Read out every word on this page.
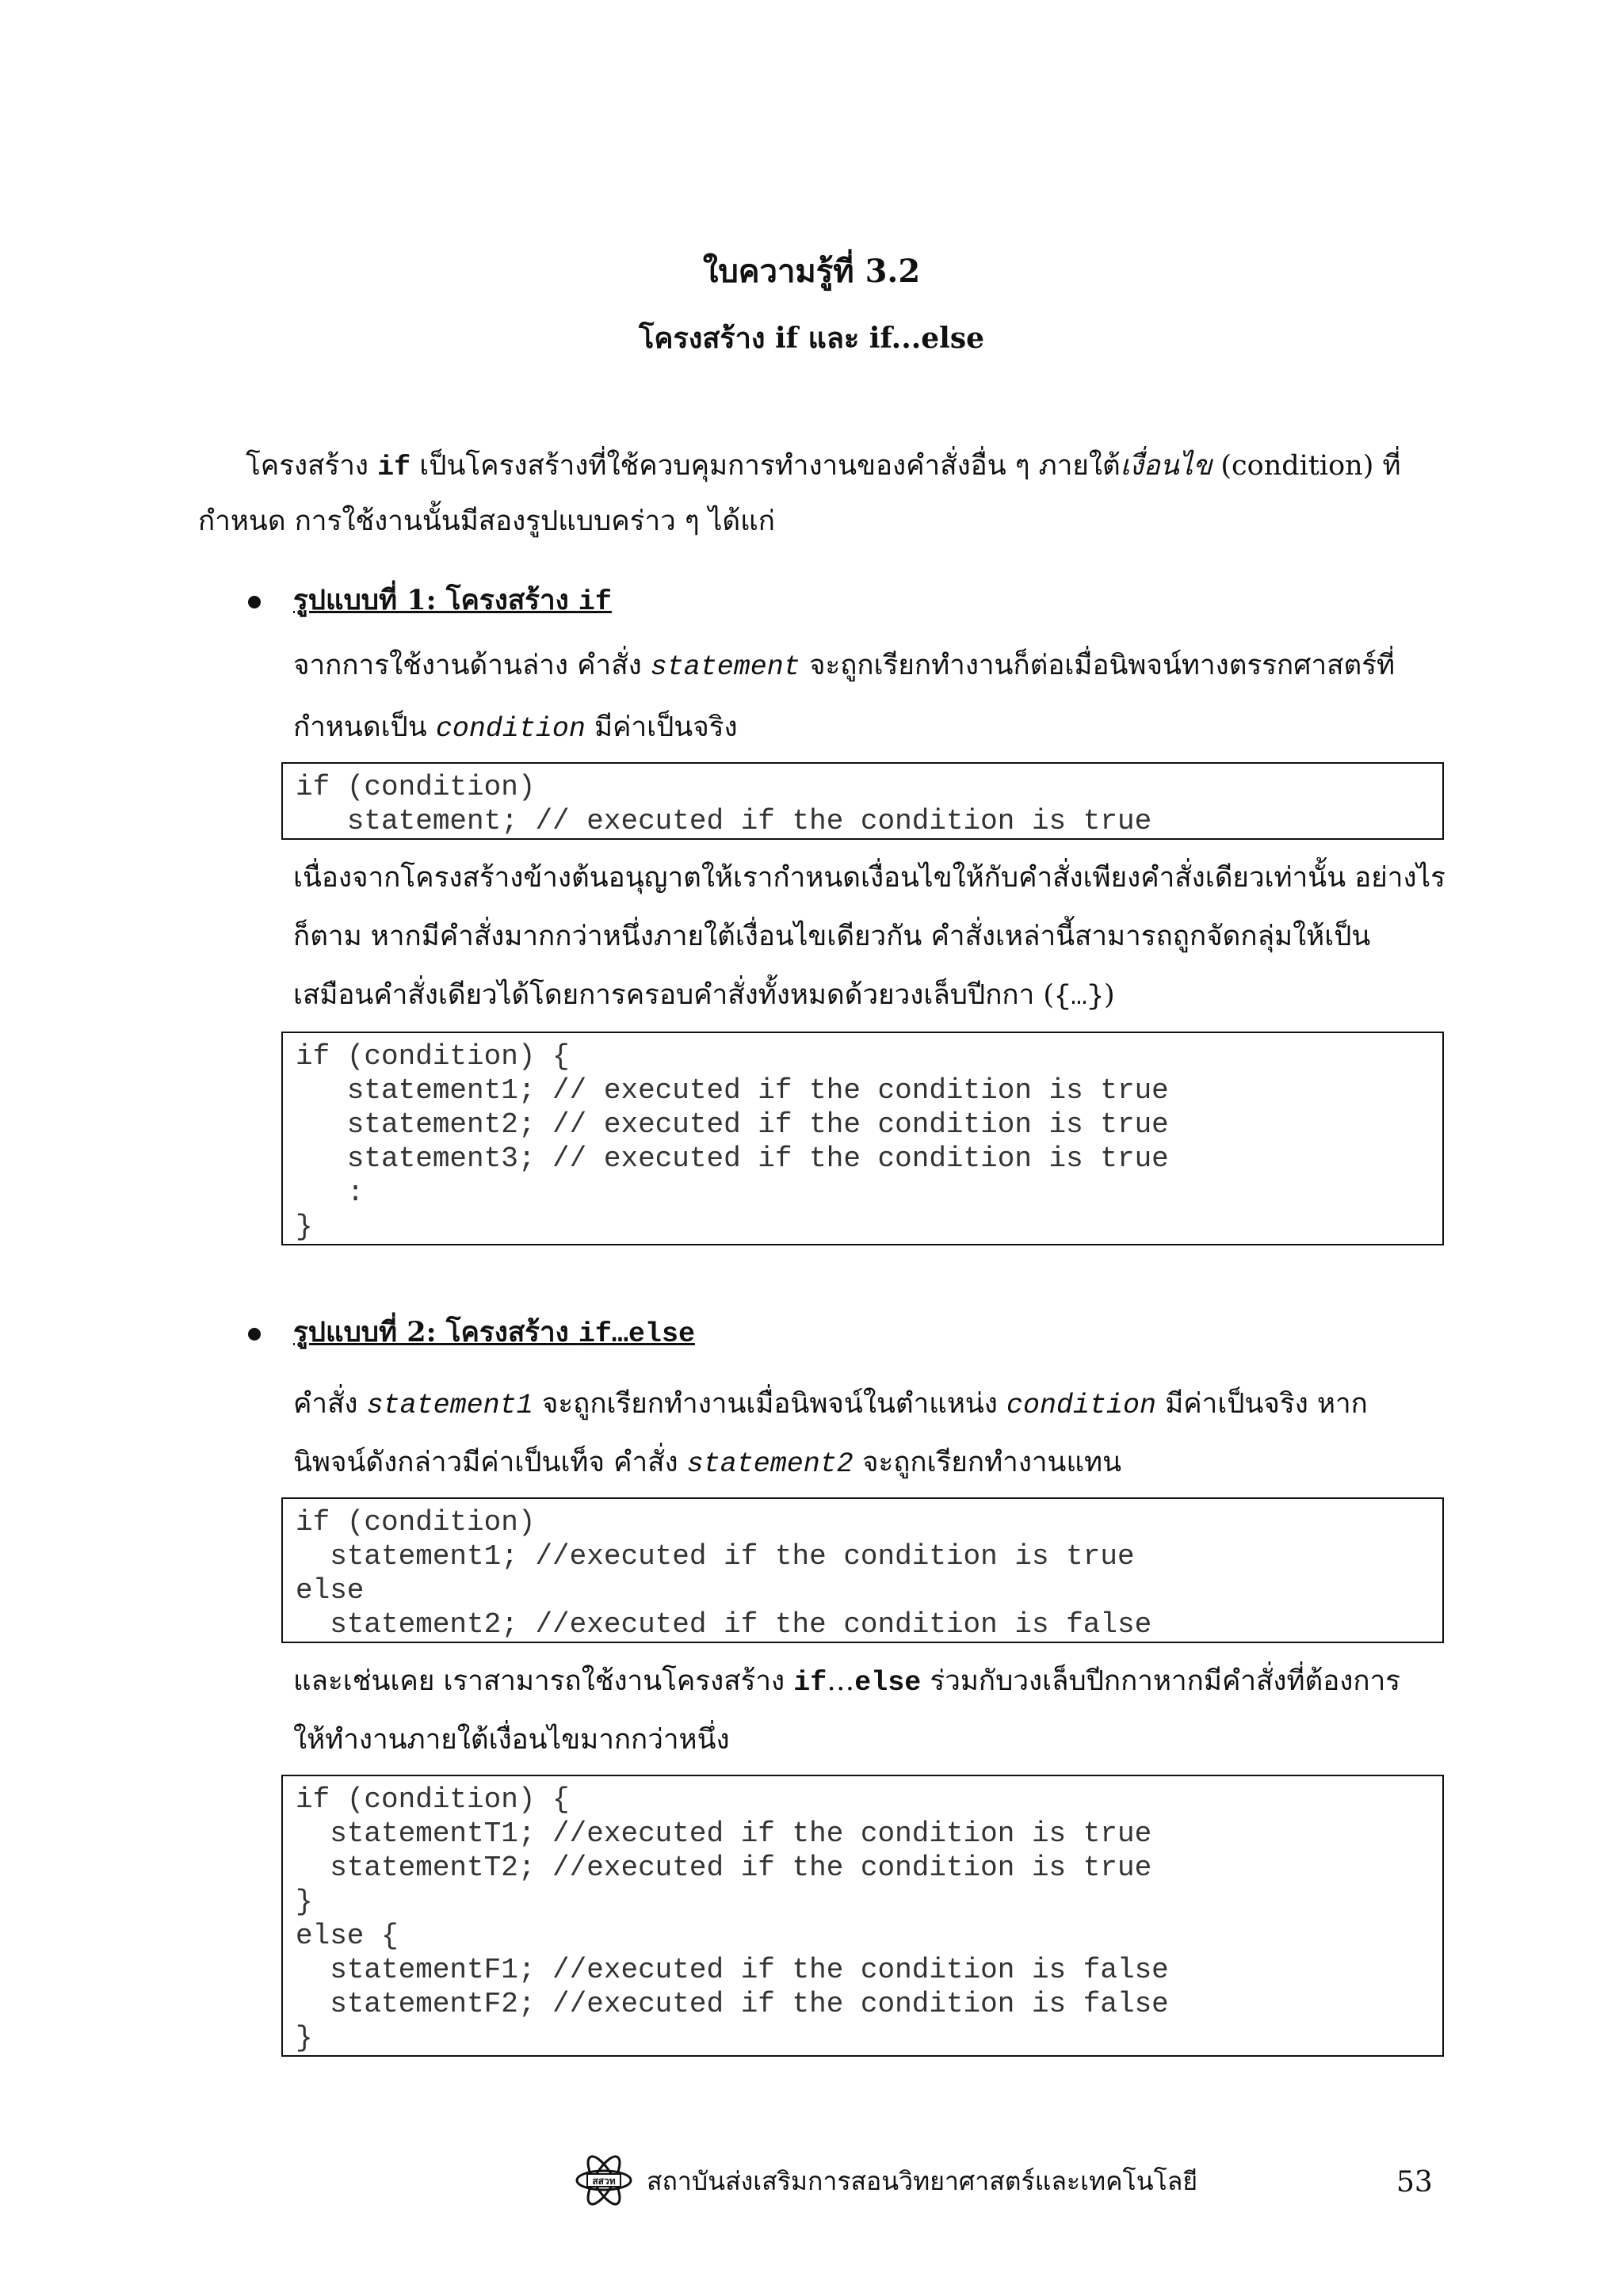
ใบความรู้ที่ 3.2
โครงสร้าง if และ if...else
โครงสร้าง if เป็นโครงสร้างที่ใช้ควบคุมการทำงานของคำสั่งอื่น ๆ ภายใต้เงื่อนไข (condition) ที่
กำหนด การใช้งานนั้นมีสองรูปแบบคร่าว ๆ ได้แก่
รูปแบบที่ 1: โครงสร้าง if
จากการใช้งานด้านล่าง คำสั่ง statement จะถูกเรียกทำงานก็ต่อเมื่อนิพจน์ทางตรรกศาสตร์ที่
กำหนดเป็น condition มีค่าเป็นจริง
if (condition)
statement; // executed if the condition is true
เนื่องจากโครงสร้างข้างต้นอนุญาตให้เรากำหนดเงื่อนไขให้กับคำสั่งเพียงคำสั่งเดียวเท่านั้น อย่างไร
ก็ตาม หากมีคำสั่งมากกว่าหนึ่งภายใต้เงื่อนไขเดียวกัน คำสั่งเหล่านี้สามารถถูกจัดกลุ่มให้เป็น
เสมือนคำสั่งเดียวได้โดยการครอบคำสั่งทั้งหมดด้วยวงเล็บปีกกา ({…})
if (condition) {
statement1; // executed if the condition is true
statement2; // executed if the condition is true
statement3; // executed if the condition is true
:
}
รูปแบบที่ 2: โครงสร้าง if…else
คำสั่ง statement1 จะถูกเรียกทำงานเมื่อนิพจน์ในตำแหน่ง condition มีค่าเป็นจริง หาก
นิพจน์ดังกล่าวมีค่าเป็นเท็จ คำสั่ง statement2 จะถูกเรียกทำงานแทน
if (condition)
statement1; //executed if the condition is true
else
statement2; //executed if the condition is false
และเช่นเคย เราสามารถใช้งานโครงสร้าง if…else ร่วมกับวงเล็บปีกกาหากมีคำสั่งที่ต้องการ
ให้ทำงานภายใต้เงื่อนไขมากกว่าหนึ่ง
if (condition) {
statementT1; //executed if the condition is true
statementT2; //executed if the condition is true
}
else {
statementF1; //executed if the condition is false
statementF2; //executed if the condition is false
}
สสวท สถาบันส่งเสริมการสอนวิทยาศาสตร์และเทคโนโลยี	53
